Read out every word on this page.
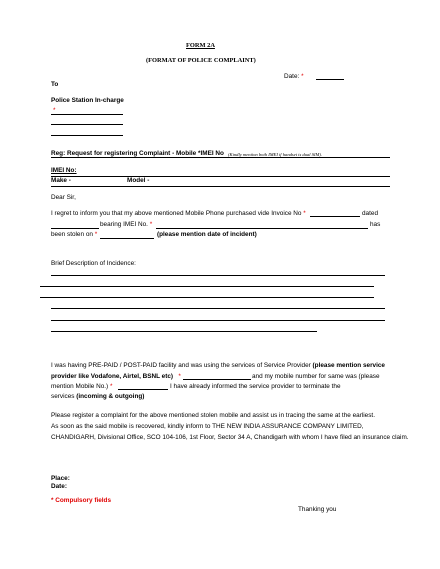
FORM 2A
(FORMAT OF POLICE COMPLAINT)
Date: *
To
Police Station In-charge
*
Reg: Request for registering Complaint - Mobile *IMEI No (Kindly mention both IMEI if handset is dual SIM).
IMEI No:
Make -	Model -
Dear Sir,
I regret to inform you that my above mentioned Mobile Phone purchased vide Invoice No *	dated
bearing IMEI No. *	has
been stolen on *	(please mention date of incident)
Brief Description of Incidence:
I was having PRE-PAID / POST-PAID facility and was using the services of Service Provider (please mention service
provider like Vodafone, Airtel, BSNL etc) *	and my mobile number for same was (please
mention Mobile No.) *	I have already informed the service provider to terminate the
services (incoming & outgoing)
Please register a complaint for the above mentioned stolen mobile and assist us in tracing the same at the earliest.
As soon as the said mobile is recovered, kindly inform to THE NEW INDIA ASSURANCE COMPANY LIMITED,
CHANDIGARH, Divisional Office, SCO 104-106, 1st Floor, Sector 34 A, Chandigarh with whom I have filed an insurance claim.
Place:
Date:
* Compulsory fields
Thanking you
